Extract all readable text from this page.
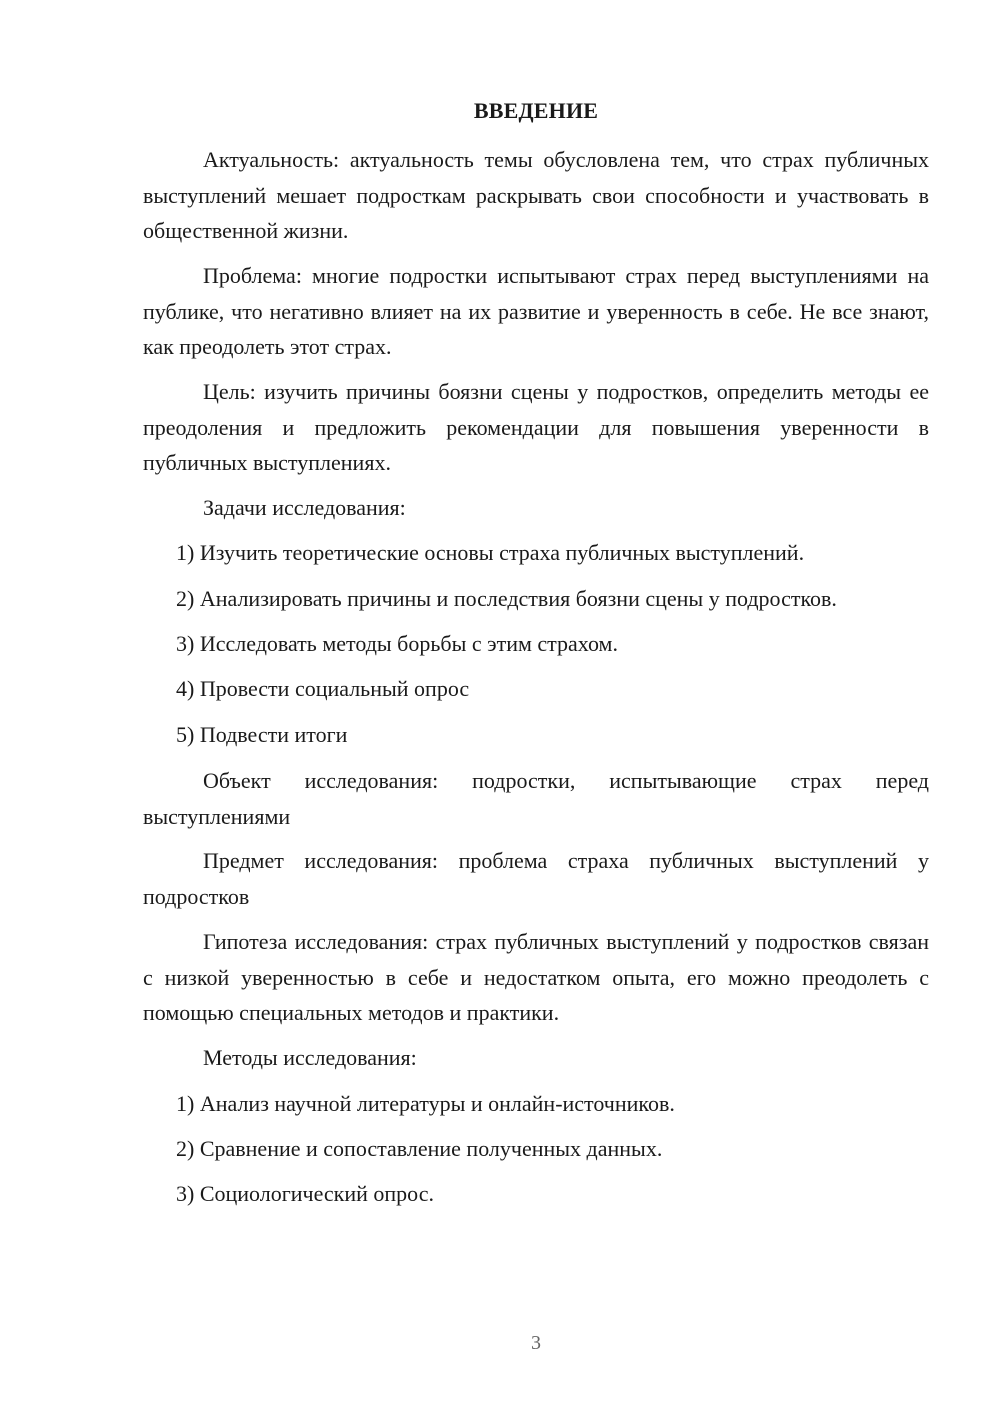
ВВЕДЕНИЕ

Актуальность: актуальность темы обусловлена тем, что страх публичных выступлений мешает подросткам раскрывать свои способности и участвовать в общественной жизни.

Проблема: многие подростки испытывают страх перед выступлениями на публике, что негативно влияет на их развитие и уверенность в себе. Не все знают, как преодолеть этот страх.

Цель: изучить причины боязни сцены у подростков, определить методы ее преодоления и предложить рекомендации для повышения уверенности в публичных выступлениях.

Задачи исследования:

1) Изучить теоретические основы страха публичных выступлений.

2) Анализировать причины и последствия боязни сцены у подростков.

3) Исследовать методы борьбы с этим страхом.

4) Провести социальный опрос

5) Подвести итоги

Объект исследования: подростки, испытывающие страх перед выступлениями

Предмет исследования: проблема страха публичных выступлений у подростков

Гипотеза исследования: страх публичных выступлений у подростков связан с низкой уверенностью в себе и недостатком опыта, его можно преодолеть с помощью специальных методов и практики.

Методы исследования:

1) Анализ научной литературы и онлайн-источников.

2) Сравнение и сопоставление полученных данных.

3) Социологический опрос.

3
